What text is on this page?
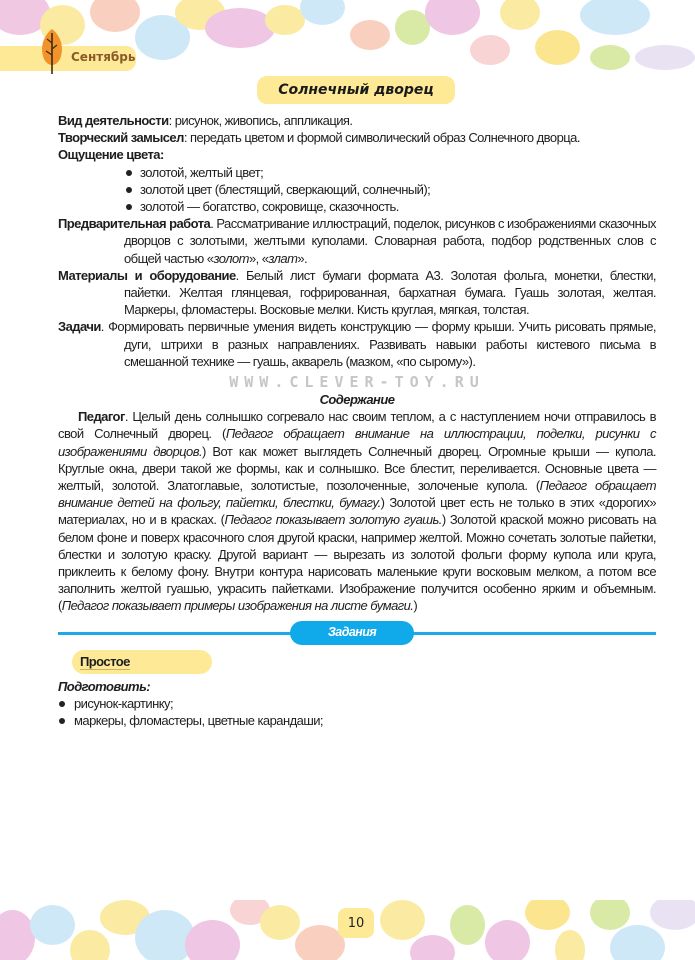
Сентябрь
Солнечный дворец
Вид деятельности: рисунок, живопись, аппликация.
Творческий замысел: передать цветом и формой символический образ Солнечного дворца.
Ощущение цвета:
золотой, желтый цвет;
золотой цвет (блестящий, сверкающий, солнечный);
золотой — богатство, сокровище, сказочность.
Предварительная работа. Рассматривание иллюстраций, поделок, рисунков с изображениями сказочных дворцов с золотыми, желтыми куполами. Словарная работа, подбор родственных слов с общей частью «золот», «злат».
Материалы и оборудование. Белый лист бумаги формата А3. Золотая фольга, монетки, блестки, пайетки. Желтая глянцевая, гофрированная, бархатная бумага. Гуашь золотая, желтая. Маркеры, фломастеры. Восковые мелки. Кисть круглая, мягкая, толстая.
Задачи. Формировать первичные умения видеть конструкцию — форму крыши. Учить рисовать прямые, дуги, штрихи в разных направлениях. Развивать навыки работы кистевого письма в смешанной технике — гуашь, акварель (мазком, «по сырому»).
WWW.CLEVER-TOY.RU
Содержание
Педагог. Целый день солнышко согревало нас своим теплом, а с наступлением ночи отправилось в свой Солнечный дворец. (Педагог обращает внимание на иллюстрации, поделки, рисунки с изображениями дворцов.) Вот как может выглядеть Солнечный дворец. Огромные крыши — купола. Круглые окна, двери такой же формы, как и солнышко. Все блестит, переливается. Основные цвета — желтый, золотой. Златоглавые, золотистые, позолоченные, золоченые купола. (Педагог обращает внимание детей на фольгу, пайетки, блестки, бумагу.) Золотой цвет есть не только в этих «дорогих» материалах, но и в красках. (Педагог показывает золотую гуашь.) Золотой краской можно рисовать на белом фоне и поверх красочного слоя другой краски, например желтой. Можно сочетать золотые пайетки, блестки и золотую краску. Другой вариант — вырезать из золотой фольги форму купола или круга, приклеить к белому фону. Внутри контура нарисовать маленькие круги восковым мелком, а потом все заполнить желтой гуашью, украсить пайетками. Изображение получится особенно ярким и объемным. (Педагог показывает примеры изображения на листе бумаги.)
Задания
Простое
Подготовить:
рисунок-картинку;
маркеры, фломастеры, цветные карандаши;
10
